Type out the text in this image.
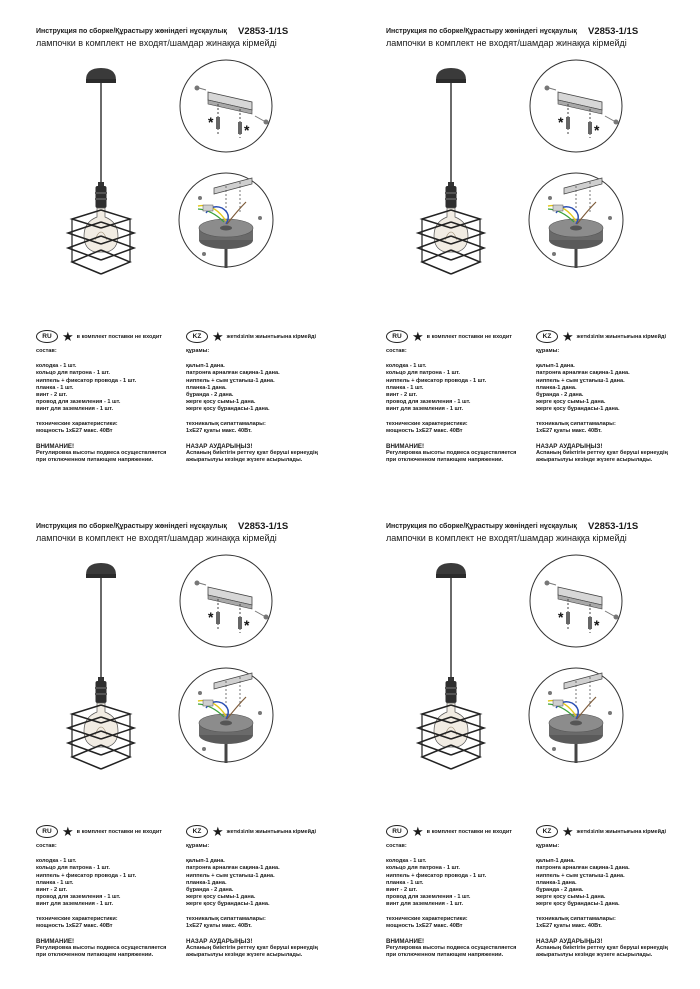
Инструкция по сборке/Құрастыру жөніндегі нұсқаулық V2853-1/1S
лампочки в комплект не входят/шамдар жинаққа кірмейді
* *
RU ★ в комплект поставки не входит	KZ ★ жеткізілім жиынтығына кірмейді
состав:
колодка - 1 шт.
кольцо для патрона - 1 шт.
ниппель + фиксатор провода - 1 шт.
планка - 1 шт.
винт - 2 шт.
провод для заземления - 1 шт.
винт для заземления - 1 шт.
технические характеристики:
мощность 1хЕ27 макс. 40Вт
ВНИМАНИЕ!
Регулировка высоты подвеса осуществляется
при отключенном питающем напряжении.
құрамы:
қалып-1 дана.
патронға арналған сақина-1 дана.
ниппель + сым ұстағыш-1 дана.
планка-1 дана.
бұранда - 2 дана.
жерге қосу сымы-1 дана.
жерге қосу бұрандасы-1 дана.
техникалық сипаттамалары:
1хЕ27 қуаты макс. 40Вт.
НАЗАР АУДАРЫҢЫЗ!
Аспаның биіктігін реттеу қуат беруші кернеудің
ажыратылуы кезінде жүзеге асырылады.
Инструкция по сборке/Құрастыру жөніндегі нұсқаулық V2853-1/1S
лампочки в комплект не входят/шамдар жинаққа кірмейді
* *
RU ★ в комплект поставки не входит	KZ ★ жеткізілім жиынтығына кірмейді
состав:
колодка - 1 шт.
кольцо для патрона - 1 шт.
ниппель + фиксатор провода - 1 шт.
планка - 1 шт.
винт - 2 шт.
провод для заземления - 1 шт.
винт для заземления - 1 шт.
технические характеристики:
мощность 1хЕ27 макс. 40Вт
ВНИМАНИЕ!
Регулировка высоты подвеса осуществляется
при отключенном питающем напряжении.
құрамы:
қалып-1 дана.
патронға арналған сақина-1 дана.
ниппель + сым ұстағыш-1 дана.
планка-1 дана.
бұранда - 2 дана.
жерге қосу сымы-1 дана.
жерге қосу бұрандасы-1 дана.
техникалық сипаттамалары:
1хЕ27 қуаты макс. 40Вт.
НАЗАР АУДАРЫҢЫЗ!
Аспаның биіктігін реттеу қуат беруші кернеудің
ажыратылуы кезінде жүзеге асырылады.
Инструкция по сборке/Құрастыру жөніндегі нұсқаулық V2853-1/1S
лампочки в комплект не входят/шамдар жинаққа кірмейді
* *
RU ★ в комплект поставки не входит	KZ ★ жеткізілім жиынтығына кірмейді
состав:
колодка - 1 шт.
кольцо для патрона - 1 шт.
ниппель + фиксатор провода - 1 шт.
планка - 1 шт.
винт - 2 шт.
провод для заземления - 1 шт.
винт для заземления - 1 шт.
технические характеристики:
мощность 1хЕ27 макс. 40Вт
ВНИМАНИЕ!
Регулировка высоты подвеса осуществляется
при отключенном питающем напряжении.
құрамы:
қалып-1 дана.
патронға арналған сақина-1 дана.
ниппель + сым ұстағыш-1 дана.
планка-1 дана.
бұранда - 2 дана.
жерге қосу сымы-1 дана.
жерге қосу бұрандасы-1 дана.
техникалық сипаттамалары:
1хЕ27 қуаты макс. 40Вт.
НАЗАР АУДАРЫҢЫЗ!
Аспаның биіктігін реттеу қуат беруші кернеудің
ажыратылуы кезінде жүзеге асырылады.
Инструкция по сборке/Құрастыру жөніндегі нұсқаулық V2853-1/1S
лампочки в комплект не входят/шамдар жинаққа кірмейді
* *
RU ★ в комплект поставки не входит	KZ ★ жеткізілім жиынтығына кірмейді
состав:
колодка - 1 шт.
кольцо для патрона - 1 шт.
ниппель + фиксатор провода - 1 шт.
планка - 1 шт.
винт - 2 шт.
провод для заземления - 1 шт.
винт для заземления - 1 шт.
технические характеристики:
мощность 1хЕ27 макс. 40Вт
ВНИМАНИЕ!
Регулировка высоты подвеса осуществляется
при отключенном питающем напряжении.
құрамы:
қалып-1 дана.
патронға арналған сақина-1 дана.
ниппель + сым ұстағыш-1 дана.
планка-1 дана.
бұранда - 2 дана.
жерге қосу сымы-1 дана.
жерге қосу бұрандасы-1 дана.
техникалық сипаттамалары:
1хЕ27 қуаты макс. 40Вт.
НАЗАР АУДАРЫҢЫЗ!
Аспаның биіктігін реттеу қуат беруші кернеудің
ажыратылуы кезінде жүзеге асырылады.
